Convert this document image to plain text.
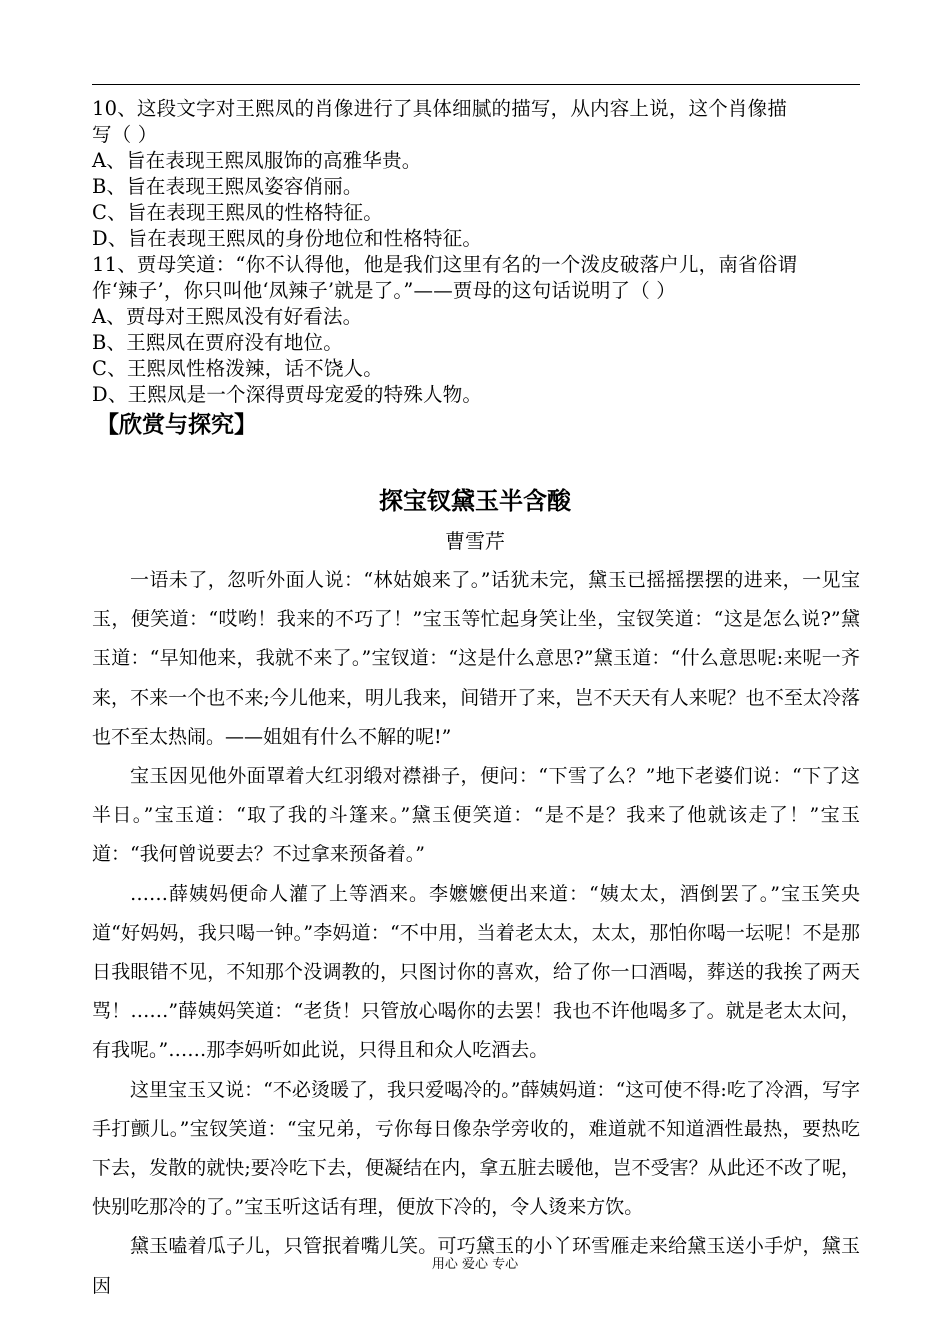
10、这段文字对王熙凤的肖像进行了具体细腻的描写，从内容上说，这个肖像描
写（ ）
A、旨在表现王熙凤服饰的高雅华贵。
B、旨在表现王熙凤姿容俏丽。
C、旨在表现王熙凤的性格特征。
D、旨在表现王熙凤的身份地位和性格特征。
11、贾母笑道：“你不认得他，他是我们这里有名的一个泼皮破落户儿，南省俗谓
作‘辣子’，你只叫他‘凤辣子’就是了。”——贾母的这句话说明了（ ）
A、贾母对王熙凤没有好看法。
B、王熙凤在贾府没有地位。
C、王熙凤性格泼辣，话不饶人。
D、王熙凤是一个深得贾母宠爱的特殊人物。
【欣赏与探究】
探宝钗黛玉半含酸
曹雪芹

一语未了，忽听外面人说：“林姑娘来了。”话犹未完，黛玉已摇摇摆摆的进来，一见宝玉，便笑道：“哎哟！我来的不巧了！”宝玉等忙起身笑让坐，宝钗笑道：“这是怎么说?”黛玉道：“早知他来，我就不来了。”宝钗道：“这是什么意思?”黛玉道：“什么意思呢:来呢一齐来，不来一个也不来;今儿他来，明儿我来，间错开了来，岂不天天有人来呢？也不至太冷落也不至太热闹。——姐姐有什么不解的呢!”

宝玉因见他外面罩着大红羽缎对襟褂子，便问：“下雪了么？”地下老婆们说：“下了这半日。”宝玉道：“取了我的斗篷来。”黛玉便笑道：“是不是？我来了他就该走了！”宝玉道：“我何曾说要去？不过拿来预备着。”

……薛姨妈便命人灌了上等酒来。李嬷嬷便出来道：“姨太太，酒倒罢了。”宝玉笑央道“好妈妈，我只喝一钟。”李妈道：“不中用，当着老太太，太太，那怕你喝一坛呢！不是那日我眼错不见，不知那个没调教的，只图讨你的喜欢，给了你一口酒喝，葬送的我挨了两天骂！……”薛姨妈笑道：“老货！只管放心喝你的去罢！我也不许他喝多了。就是老太太问，有我呢。”……那李妈听如此说，只得且和众人吃酒去。

这里宝玉又说：“不必烫暖了，我只爱喝冷的。”薛姨妈道：“这可使不得:吃了冷酒，写字手打颤儿。”宝钗笑道：“宝兄弟，亏你每日像杂学旁收的，难道就不知道酒性最热，要热吃下去，发散的就快;要冷吃下去，便凝结在内，拿五脏去暖他，岂不受害？从此还不改了呢，快别吃那冷的了。”宝玉听这话有理，便放下冷的，令人烫来方饮。

黛玉嗑着瓜子儿，只管抿着嘴儿笑。可巧黛玉的小丫环雪雁走来给黛玉送小手炉，黛玉因

用心 爱心 专心
